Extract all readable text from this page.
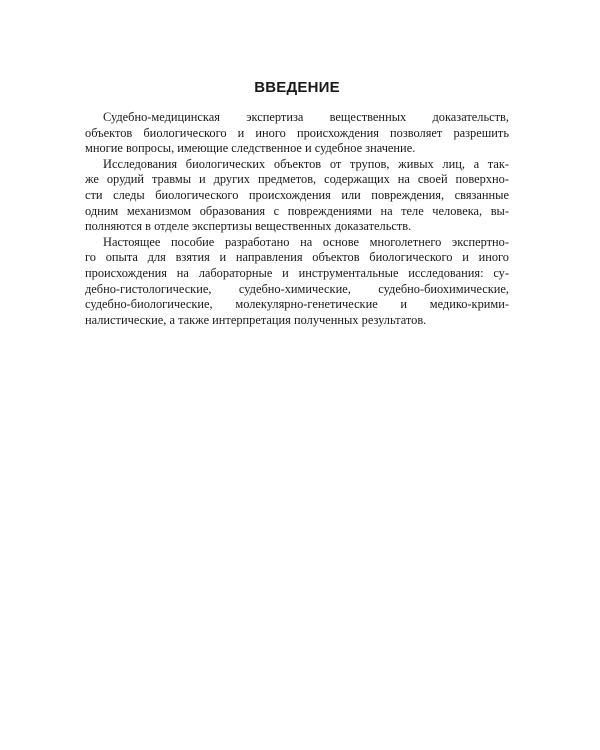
ВВЕДЕНИЕ

Судебно-медицинская экспертиза вещественных доказательств,
объектов биологического и иного происхождения позволяет разрешить
многие вопросы, имеющие следственное и судебное значение.

Исследования биологических объектов от трупов, живых лиц, а так-
же орудий травмы и других предметов, содержащих на своей поверхно-
сти следы биологического происхождения или повреждения, связанные
одним механизмом образования с повреждениями на теле человека, вы-
полняются в отделе экспертизы вещественных доказательств.

Настоящее пособие разработано на основе многолетнего экспертно-
го опыта для взятия и направления объектов биологического и иного
происхождения на лабораторные и инструментальные исследования: су-
дебно-гистологические, судебно-химические, судебно-биохимические,
судебно-биологические, молекулярно-генетические и медико-крими-
налистические, а также интерпретация полученных результатов.
